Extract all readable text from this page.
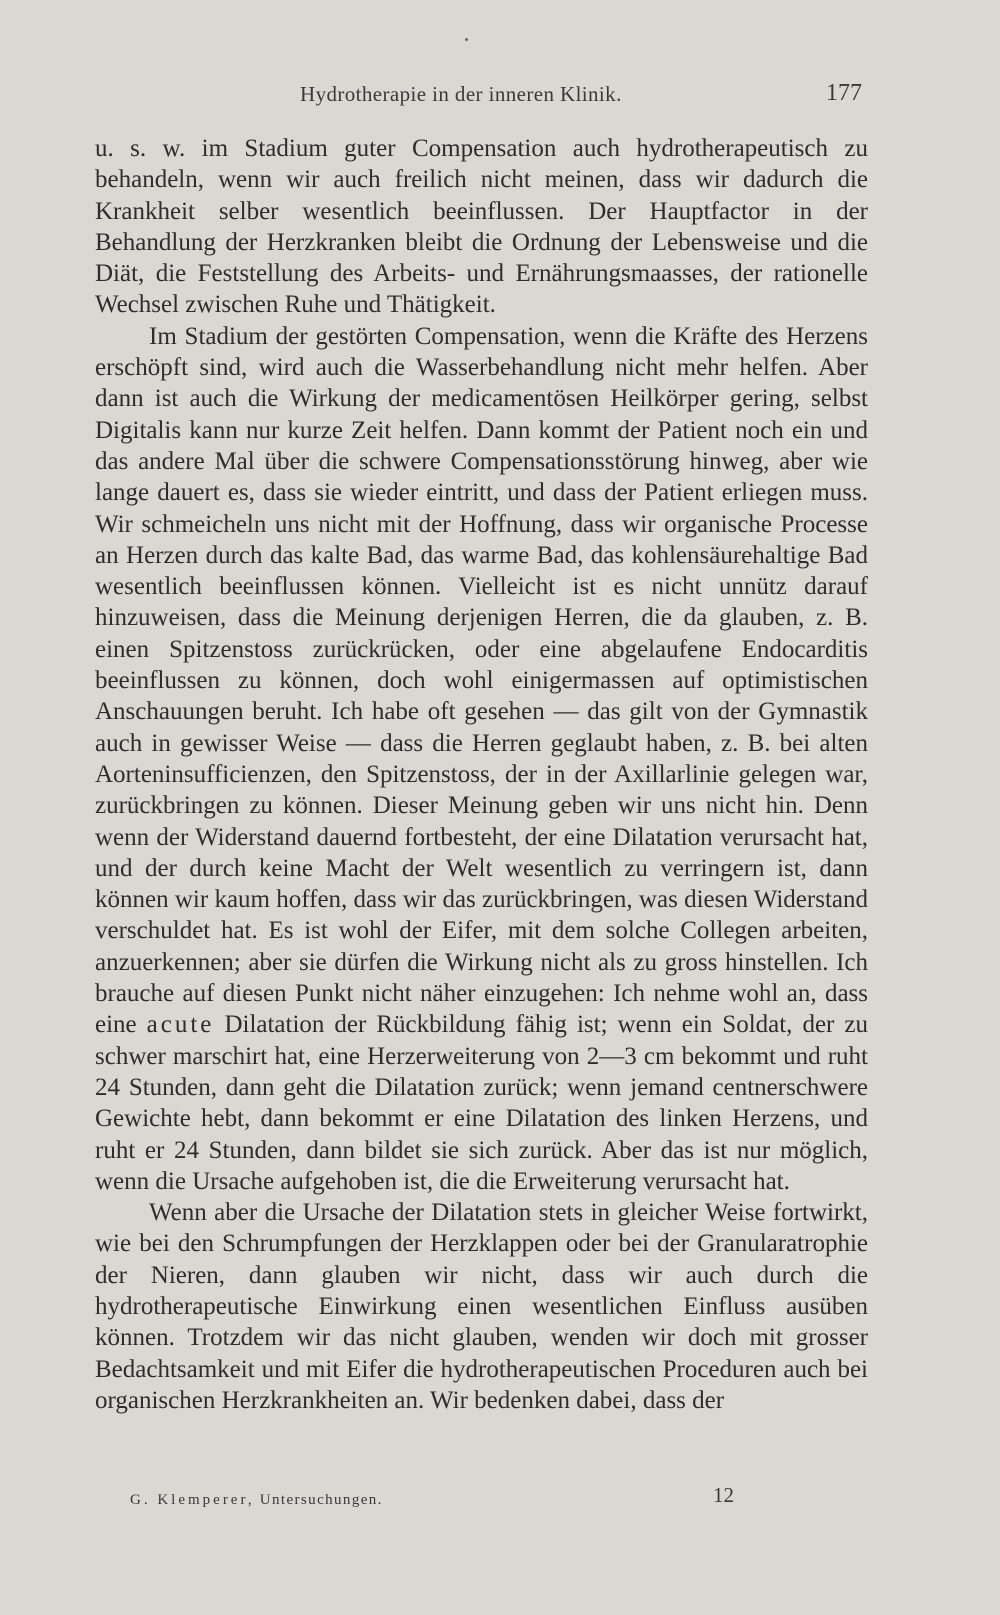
Hydrotherapie in der inneren Klinik.	177

u. s. w. im Stadium guter Compensation auch hydrotherapeutisch zu behandeln, wenn wir auch freilich nicht meinen, dass wir dadurch die Krankheit selber wesentlich beeinflussen. Der Hauptfactor in der Behandlung der Herzkranken bleibt die Ordnung der Lebensweise und die Diät, die Feststellung des Arbeits- und Ernährungsmaasses, der rationelle Wechsel zwischen Ruhe und Thätigkeit.

Im Stadium der gestörten Compensation, wenn die Kräfte des Herzens erschöpft sind, wird auch die Wasserbehandlung nicht mehr helfen. Aber dann ist auch die Wirkung der medicamentösen Heilkörper gering, selbst Digitalis kann nur kurze Zeit helfen. Dann kommt der Patient noch ein und das andere Mal über die schwere Compensationsstörung hinweg, aber wie lange dauert es, dass sie wieder eintritt, und dass der Patient erliegen muss. Wir schmeicheln uns nicht mit der Hoffnung, dass wir organische Processe an Herzen durch das kalte Bad, das warme Bad, das kohlensäurehaltige Bad wesentlich beeinflussen können. Vielleicht ist es nicht unnütz darauf hinzuweisen, dass die Meinung derjenigen Herren, die da glauben, z. B. einen Spitzenstoss zurückrücken, oder eine abgelaufene Endocarditis beeinflussen zu können, doch wohl einigermassen auf optimistischen Anschauungen beruht. Ich habe oft gesehen — das gilt von der Gymnastik auch in gewisser Weise — dass die Herren geglaubt haben, z. B. bei alten Aorteninsufficienzen, den Spitzenstoss, der in der Axillarlinie gelegen war, zurückbringen zu können. Dieser Meinung geben wir uns nicht hin. Denn wenn der Widerstand dauernd fortbesteht, der eine Dilatation verursacht hat, und der durch keine Macht der Welt wesentlich zu verringern ist, dann können wir kaum hoffen, dass wir das zurückbringen, was diesen Widerstand verschuldet hat. Es ist wohl der Eifer, mit dem solche Collegen arbeiten, anzuerkennen; aber sie dürfen die Wirkung nicht als zu gross hinstellen. Ich brauche auf diesen Punkt nicht näher einzugehen: Ich nehme wohl an, dass eine acute Dilatation der Rückbildung fähig ist; wenn ein Soldat, der zu schwer marschirt hat, eine Herzerweiterung von 2—3 cm bekommt und ruht 24 Stunden, dann geht die Dilatation zurück; wenn jemand centnerschwere Gewichte hebt, dann bekommt er eine Dilatation des linken Herzens, und ruht er 24 Stunden, dann bildet sie sich zurück. Aber das ist nur möglich, wenn die Ursache aufgehoben ist, die die Erweiterung verursacht hat.

Wenn aber die Ursache der Dilatation stets in gleicher Weise fortwirkt, wie bei den Schrumpfungen der Herzklappen oder bei der Granularatrophie der Nieren, dann glauben wir nicht, dass wir auch durch die hydrotherapeutische Einwirkung einen wesentlichen Einfluss ausüben können. Trotzdem wir das nicht glauben, wenden wir doch mit grosser Bedachtsamkeit und mit Eifer die hydrotherapeutischen Proceduren auch bei organischen Herzkrankheiten an. Wir bedenken dabei, dass der

G. Klemperer, Untersuchungen.	12
